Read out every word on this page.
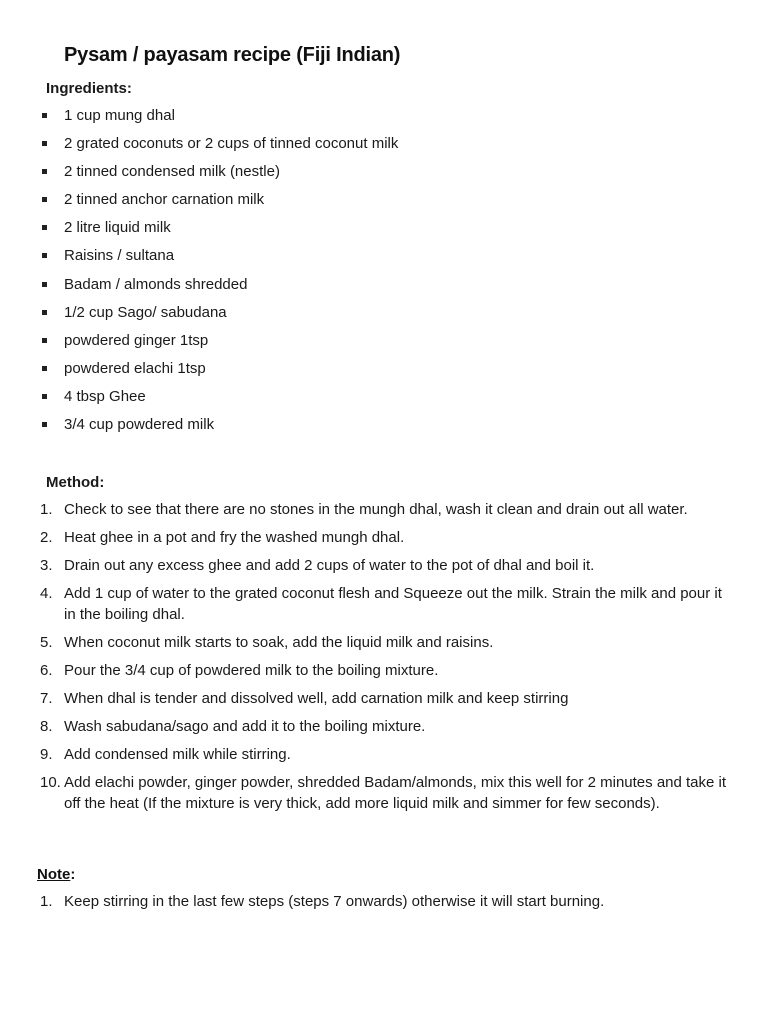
Pysam / payasam recipe (Fiji Indian)
Ingredients:
1 cup mung dhal
2 grated coconuts or 2 cups of tinned coconut milk
2 tinned condensed milk (nestle)
2 tinned anchor carnation milk
2 litre liquid milk
Raisins / sultana
Badam / almonds shredded
1/2 cup Sago/ sabudana
powdered ginger 1tsp
powdered elachi 1tsp
4 tbsp Ghee
3/4 cup powdered milk
Method:
1. Check to see that there are no stones in the mungh dhal, wash it clean and drain out all water.
2. Heat ghee in a pot and fry the washed mungh dhal.
3. Drain out any excess ghee and add 2 cups of water to the pot of dhal and boil it.
4. Add 1 cup of water to the grated coconut flesh and Squeeze out the milk. Strain the milk and pour it in the boiling dhal.
5. When coconut milk starts to soak, add the liquid milk and raisins.
6. Pour the 3/4 cup of powdered milk to the boiling mixture.
7. When dhal is tender and dissolved well, add carnation milk and keep stirring
8. Wash sabudana/sago and add it to the boiling mixture.
9. Add condensed milk while stirring.
10. Add elachi powder, ginger powder, shredded Badam/almonds, mix this well for 2 minutes and take it off the heat (If the mixture is very thick, add more liquid milk and simmer for few seconds).
Note:
1. Keep stirring in the last few steps (steps 7 onwards) otherwise it will start burning.
